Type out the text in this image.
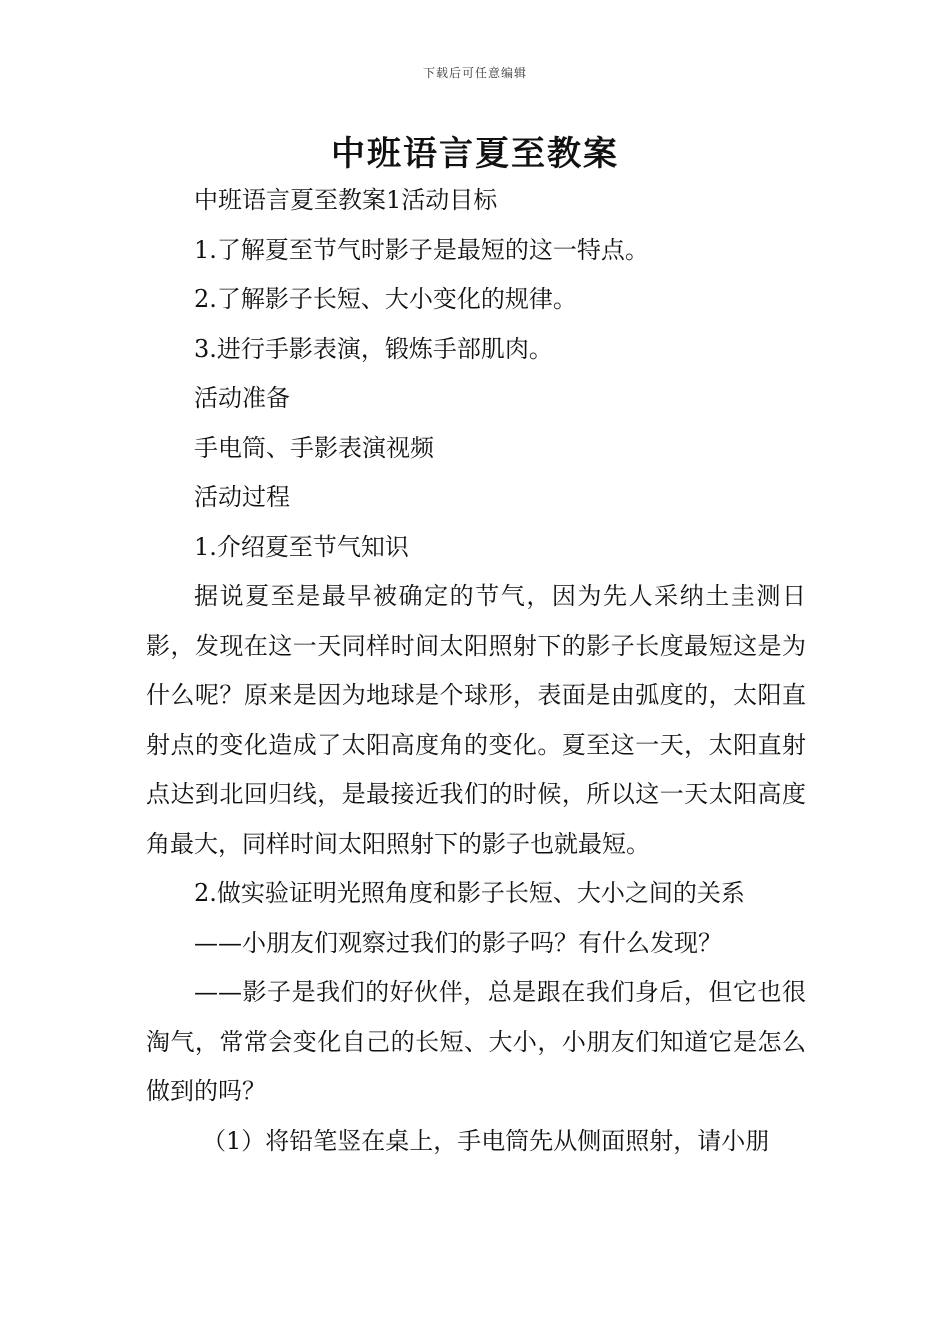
下载后可任意编辑
中班语言夏至教案

中班语言夏至教案1活动目标

1.了解夏至节气时影子是最短的这一特点。

2.了解影子长短、大小变化的规律。

3.进行手影表演，锻炼手部肌肉。

活动准备

手电筒、手影表演视频

活动过程

1.介绍夏至节气知识

据说夏至是最早被确定的节气，因为先人采纳土圭测日影，发现在这一天同样时间太阳照射下的影子长度最短这是为什么呢？原来是因为地球是个球形，表面是由弧度的，太阳直射点的变化造成了太阳高度角的变化。夏至这一天，太阳直射点达到北回归线，是最接近我们的时候，所以这一天太阳高度角最大，同样时间太阳照射下的影子也就最短。

2.做实验证明光照角度和影子长短、大小之间的关系

——小朋友们观察过我们的影子吗？有什么发现？

——影子是我们的好伙伴，总是跟在我们身后，但它也很淘气，常常会变化自己的长短、大小，小朋友们知道它是怎么做到的吗？

（1）将铅笔竖在桌上，手电筒先从侧面照射，请小朋
